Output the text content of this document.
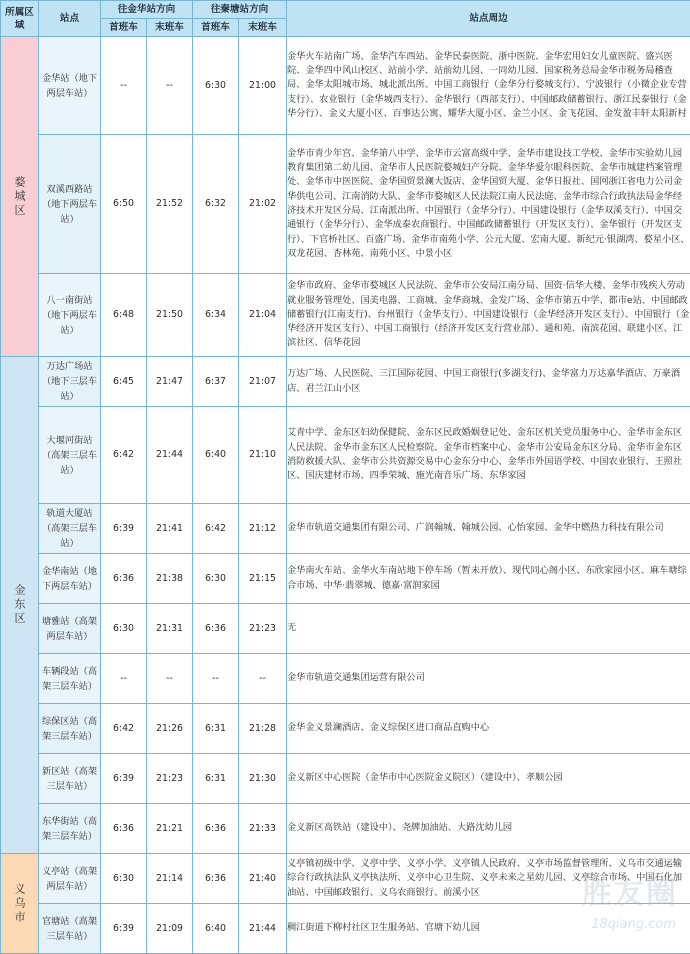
所属区域	站点	往金华站方向		往秦塘站方向		站点周边
		首班车	末班车	首班车	末班车	
婺城区	金华站（地下两层车站）	--	--	6:30	21:00	金华火车站南广场、金华汽车西站、金华民泰医院、浙中医院、金华宏用妇女儿童医院、盛兴医院、金华四中风山校区、站前小学、站前幼儿园、一同幼儿园、国家税务总局金华市税务局稽查局、金华太阳城市场、城北派出所、中国工商银行（金华分行婺城支行）、宁波银行（小微企业专营支行）、农业银行（金华城西支行）、金华银行（西部支行）、中国邮政储蓄银行、浙江民泰银行（金华分行）、金义大厦小区、百事达公寓、耀华大厦小区、金兰小区、金飞花园、金发盈丰轩太阳新村
	双溪西路站（地下两层车站）	6:50	21:52	6:32	21:02	金华市青少年宫、金华第八中学、金华市云富高级中学、金华市建设技工学校、金华市实验幼儿园教育集团第二幼儿园、金华市人民医院婺城妇产分院、金华华爱尔眼科医院、金华市城建档案管理处、金华市中医医院、金华国贸景澜大饭店、金华国贸大厦、金华日报社、国网浙江省电力公司金华供电公司、江南消防大队、金华市婺城区人民法院江南人民法庭、金华市综合行政执法局金华经济技术开发区分局、江南派出所、中国银行（金华分行）、中国建设银行（金华双溪支行）、中国交通银行（金华分行）、金华成泰农商银行、中国邮政储蓄银行（开发区支行）、金华银行（开发区支行）、下官桥社区、百盛广场、金华市南苑小学、公元大厦、宏南大厦、新纪元·银湖湾、婺星小区、双龙花园、杏林苑、南苑小区、中景小区
	八一南街站（地下两层车站）	6:48	21:50	6:34	21:04	金华市政府、金华市婺城区人民法院、金华市公安局江南分局、国资·信华大楼、金华市残疾人劳动就业服务管理处、国美电器、工商城、金华商城、金发广场、金华市第五中学、都市e站、中国邮政储蓄银行(江南支行)、台州银行（金华支行）、中国建设银行（金华经济开发区支行）、中国银行（金华经济开发区支行）、中国工商银行（经济开发区支行营业部）、通和苑、南滨花园、联建小区、江滨社区、信华花园
金东区	万达广场站（地下三层车站）	6:45	21:47	6:37	21:07	万达广场、人民医院、三江国际花园、中国工商银行(多湖支行)、金华富力万达嘉华酒店、万豪酒店、君兰江山小区
	大堰河街站（高架三层车站）	6:42	21:44	6:40	21:10	艾青中学、金东区妇幼保健院、金东区民政婚姻登记处、金东区机关党员服务中心、金华市金东区人民法院、金华市金东区人民检察院、金华市档案中心、金华市公安局金东区分局、金华市金东区消防救援大队、金华市公共资源交易中心金东分中心、金华市外国语学校、中国农业银行、王照社区、国庆建材市场、四季荣城、施光南音乐广场、东华家园
	轨道大厦站（高架三层车站）	6:39	21:41	6:42	21:12	金华市轨道交通集团有限公司、广润翰城、翰城公园、心怡家园、金华中燃热力科技有限公司
	金华南站（地下两层车站）	6:36	21:38	6:30	21:15	金华南火车站、金华火车南站地下停车场（暂未开放）、现代同心阁小区、东欣家园小区、麻车塘综合市场、中华·翡翠城、德嘉·富润家园
	塘雅站（高架两层车站）	6:30	21:31	6:36	21:23	无
	车辆段站（高架三层车站）	--	--	--	--	金华市轨道交通集团运营有限公司
	综保区站（高架三层车站）	6:42	21:26	6:31	21:28	金华金义景澜酒店、金义综保区进口商品直购中心
	新区站（高架三层车站）	6:39	21:23	6:31	21:30	金义新区中心医院（金华市中心医院金义院区）（建设中）、孝顺公园
	东华街站（高架三层车站）	6:36	21:21	6:36	21:33	金义新区高铁站（建设中）、尧牌加油站、大路沈幼儿园
义乌市	义亭站（高架两层车站）	6:30	21:14	6:36	21:40	义亭镇初级中学、义亭中学、义亭小学、义亭镇人民政府、义亭市场监督管理所、义乌市交通运输综合行政执法队义亭执法所、义亭中心卫生院、义亭未来之星幼儿园、义亭综合市场、中国石化加油站、中国邮政银行、义乌农商银行、前溪小区
	官塘站（高架三层车站）	6:39	21:09	6:40	21:44	稠江街道下柳村社区卫生服务站、官塘下幼儿园
胜友圈
18qiang.com
